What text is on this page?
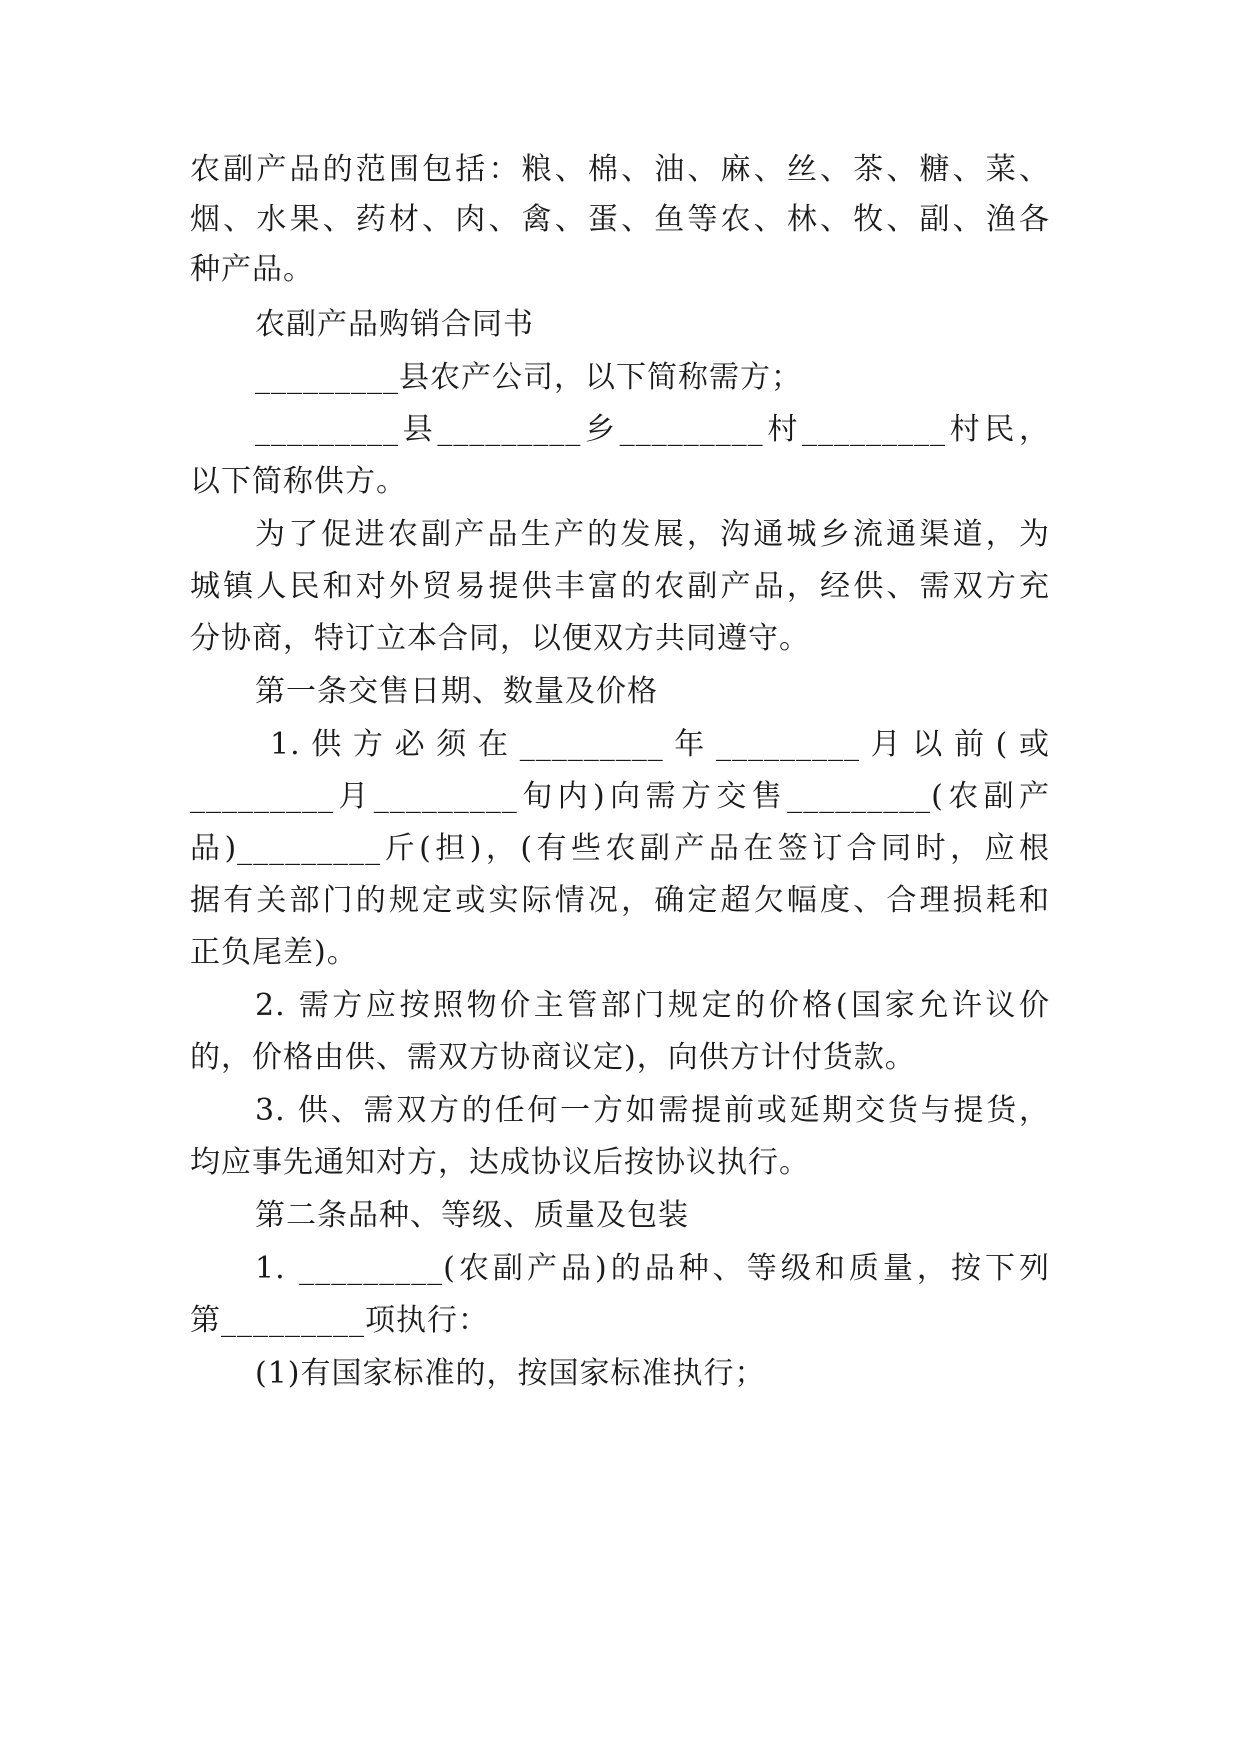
农副产品的范围包括：粮、棉、油、麻、丝、茶、糖、菜、
烟、水果、药材、肉、禽、蛋、鱼等农、林、牧、副、渔各
种产品。
农副产品购销合同书
_________县农产公司，以下简称需方；
_________县_________乡_________村_________村民，
以下简称供方。
为了促进农副产品生产的发展，沟通城乡流通渠道，为
城镇人民和对外贸易提供丰富的农副产品，经供、需双方充
分协商，特订立本合同，以便双方共同遵守。
第一条交售日期、数量及价格
1. 供 方 必 须 在 _________ 年 _________ 月 以 前 ( 或
_________月_________旬内)向需方交售_________(农副产
品)_________斤(担)，(有些农副产品在签订合同时，应根
据有关部门的规定或实际情况，确定超欠幅度、合理损耗和
正负尾差)。
2. 需方应按照物价主管部门规定的价格(国家允许议价
的，价格由供、需双方协商议定)，向供方计付货款。
3. 供、需双方的任何一方如需提前或延期交货与提货，
均应事先通知对方，达成协议后按协议执行。
第二条品种、等级、质量及包装
1. _________(农副产品)的品种、等级和质量，按下列
第_________项执行：
(1)有国家标准的，按国家标准执行；
